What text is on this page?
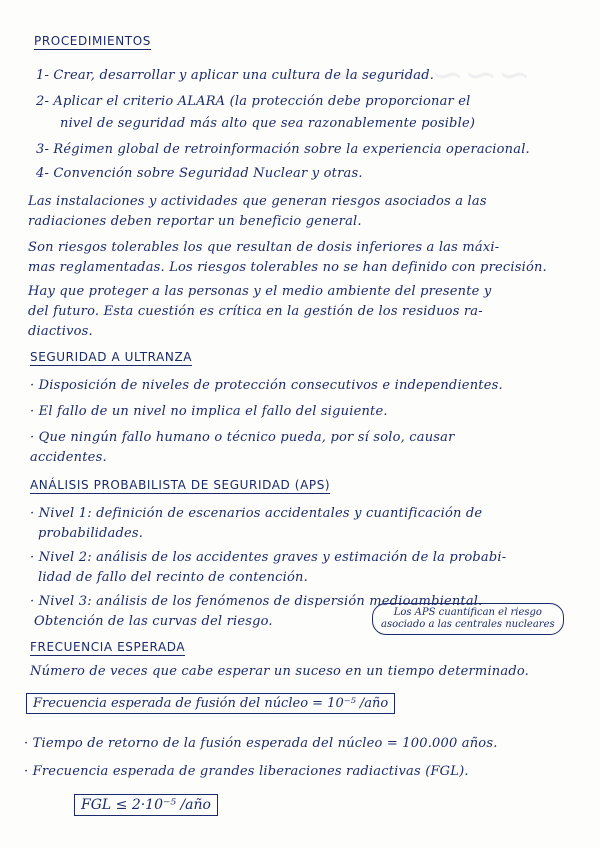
~~~~~~
PROCEDIMIENTOS
1- Crear, desarrollar y aplicar una cultura de la seguridad.
2- Aplicar el criterio ALARA (la protección debe proporcionar el
nivel de seguridad más alto que sea razonablemente posible)
3- Régimen global de retroinformación sobre la experiencia operacional.
4- Convención sobre Seguridad Nuclear y otras.
Las instalaciones y actividades que generan riesgos asociados a las
radiaciones deben reportar un beneficio general.
Son riesgos tolerables los que resultan de dosis inferiores a las máxi-
mas reglamentadas. Los riesgos tolerables no se han definido con precisión.
Hay que proteger a las personas y el medio ambiente del presente y
del futuro. Esta cuestión es crítica en la gestión de los residuos ra-
diactivos.
SEGURIDAD A ULTRANZA
· Disposición de niveles de protección consecutivos e independientes.
· El fallo de un nivel no implica el fallo del siguiente.
· Que ningún fallo humano o técnico pueda, por sí solo, causar
accidentes.
ANÁLISIS PROBABILISTA DE SEGURIDAD (APS)
· Nivel 1: definición de escenarios accidentales y cuantificación de
probabilidades.
· Nivel 2: análisis de los accidentes graves y estimación de la probabi-
lidad de fallo del recinto de contención.
· Nivel 3: análisis de los fenómenos de dispersión medioambiental.
Obtención de las curvas del riesgo.
Los APS cuantifican el riesgo
asociado a las centrales nucleares
FRECUENCIA ESPERADA
Número de veces que cabe esperar un suceso en un tiempo determinado.
Frecuencia esperada de fusión del núcleo = 10⁻⁵ /año
· Tiempo de retorno de la fusión esperada del núcleo = 100.000 años.
· Frecuencia esperada de grandes liberaciones radiactivas (FGL).
FGL ≤ 2·10⁻⁵ /año
